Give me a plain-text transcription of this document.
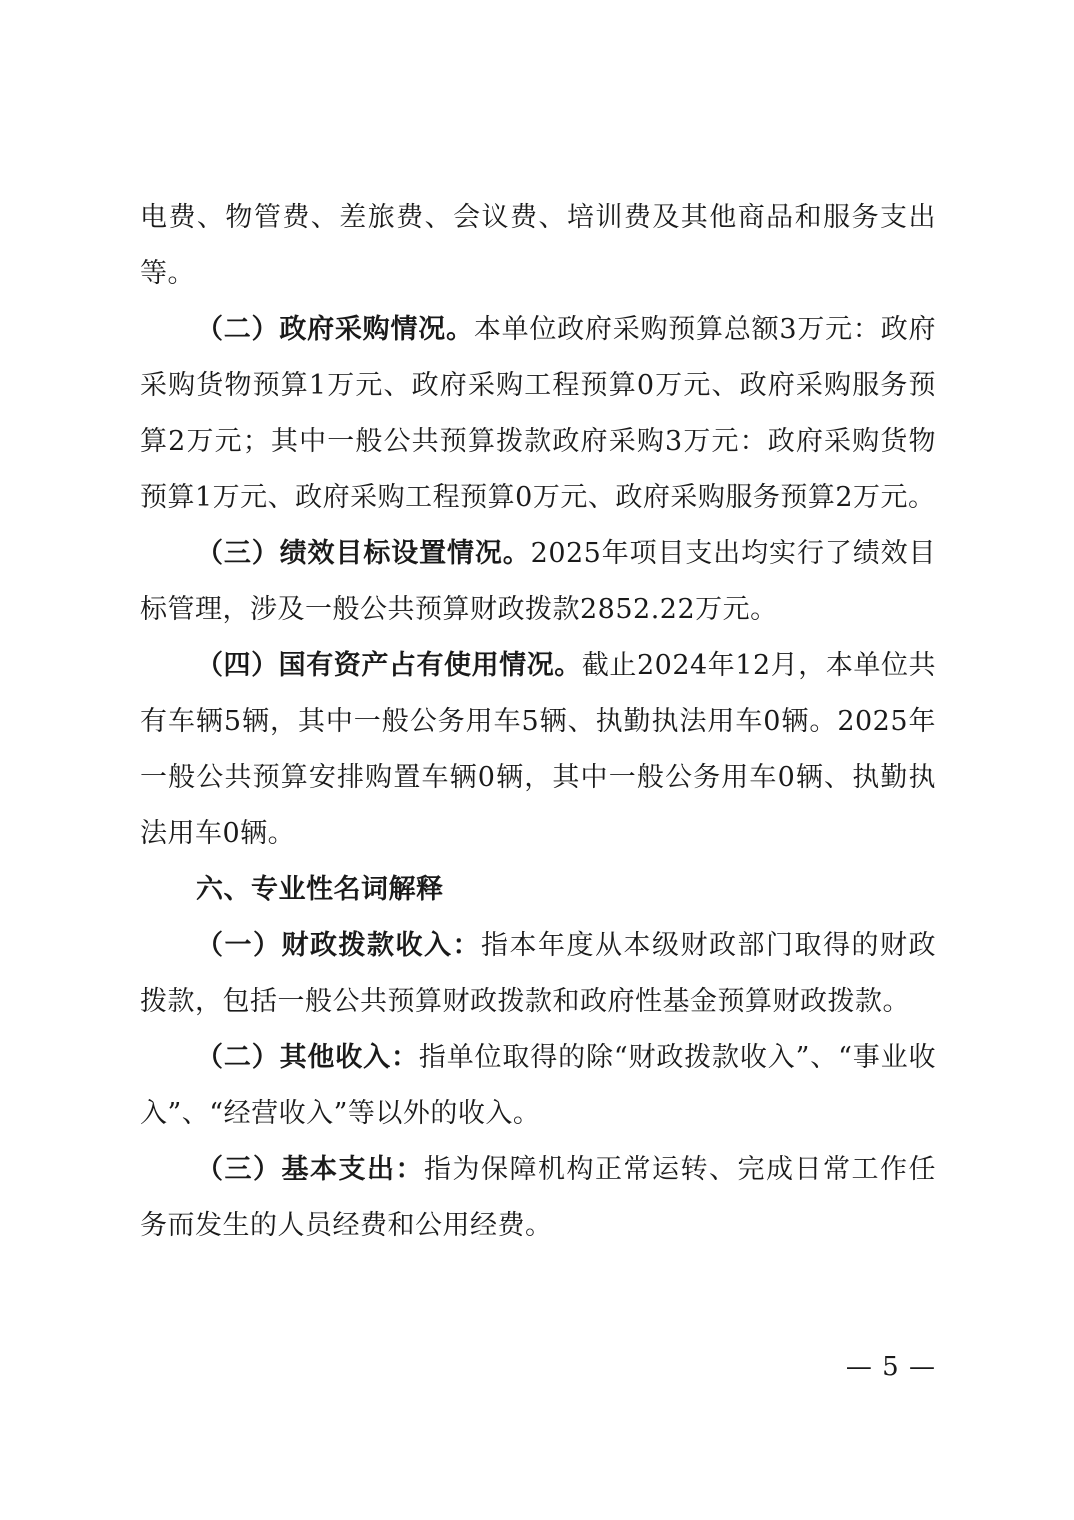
电费、物管费、差旅费、会议费、培训费及其他商品和服务支出等。

（二）政府采购情况。本单位政府采购预算总额3万元：政府采购货物预算1万元、政府采购工程预算0万元、政府采购服务预算2万元；其中一般公共预算拨款政府采购3万元：政府采购货物预算1万元、政府采购工程预算0万元、政府采购服务预算2万元。

（三）绩效目标设置情况。2025年项目支出均实行了绩效目标管理，涉及一般公共预算财政拨款2852.22万元。

（四）国有资产占有使用情况。截止2024年12月，本单位共有车辆5辆，其中一般公务用车5辆、执勤执法用车0辆。2025年一般公共预算安排购置车辆0辆，其中一般公务用车0辆、执勤执法用车0辆。

六、专业性名词解释

（一）财政拨款收入：指本年度从本级财政部门取得的财政拨款，包括一般公共预算财政拨款和政府性基金预算财政拨款。

（二）其他收入：指单位取得的除“财政拨款收入”、“事业收入”、“经营收入”等以外的收入。

（三）基本支出：指为保障机构正常运转、完成日常工作任务而发生的人员经费和公用经费。

— 5 —
